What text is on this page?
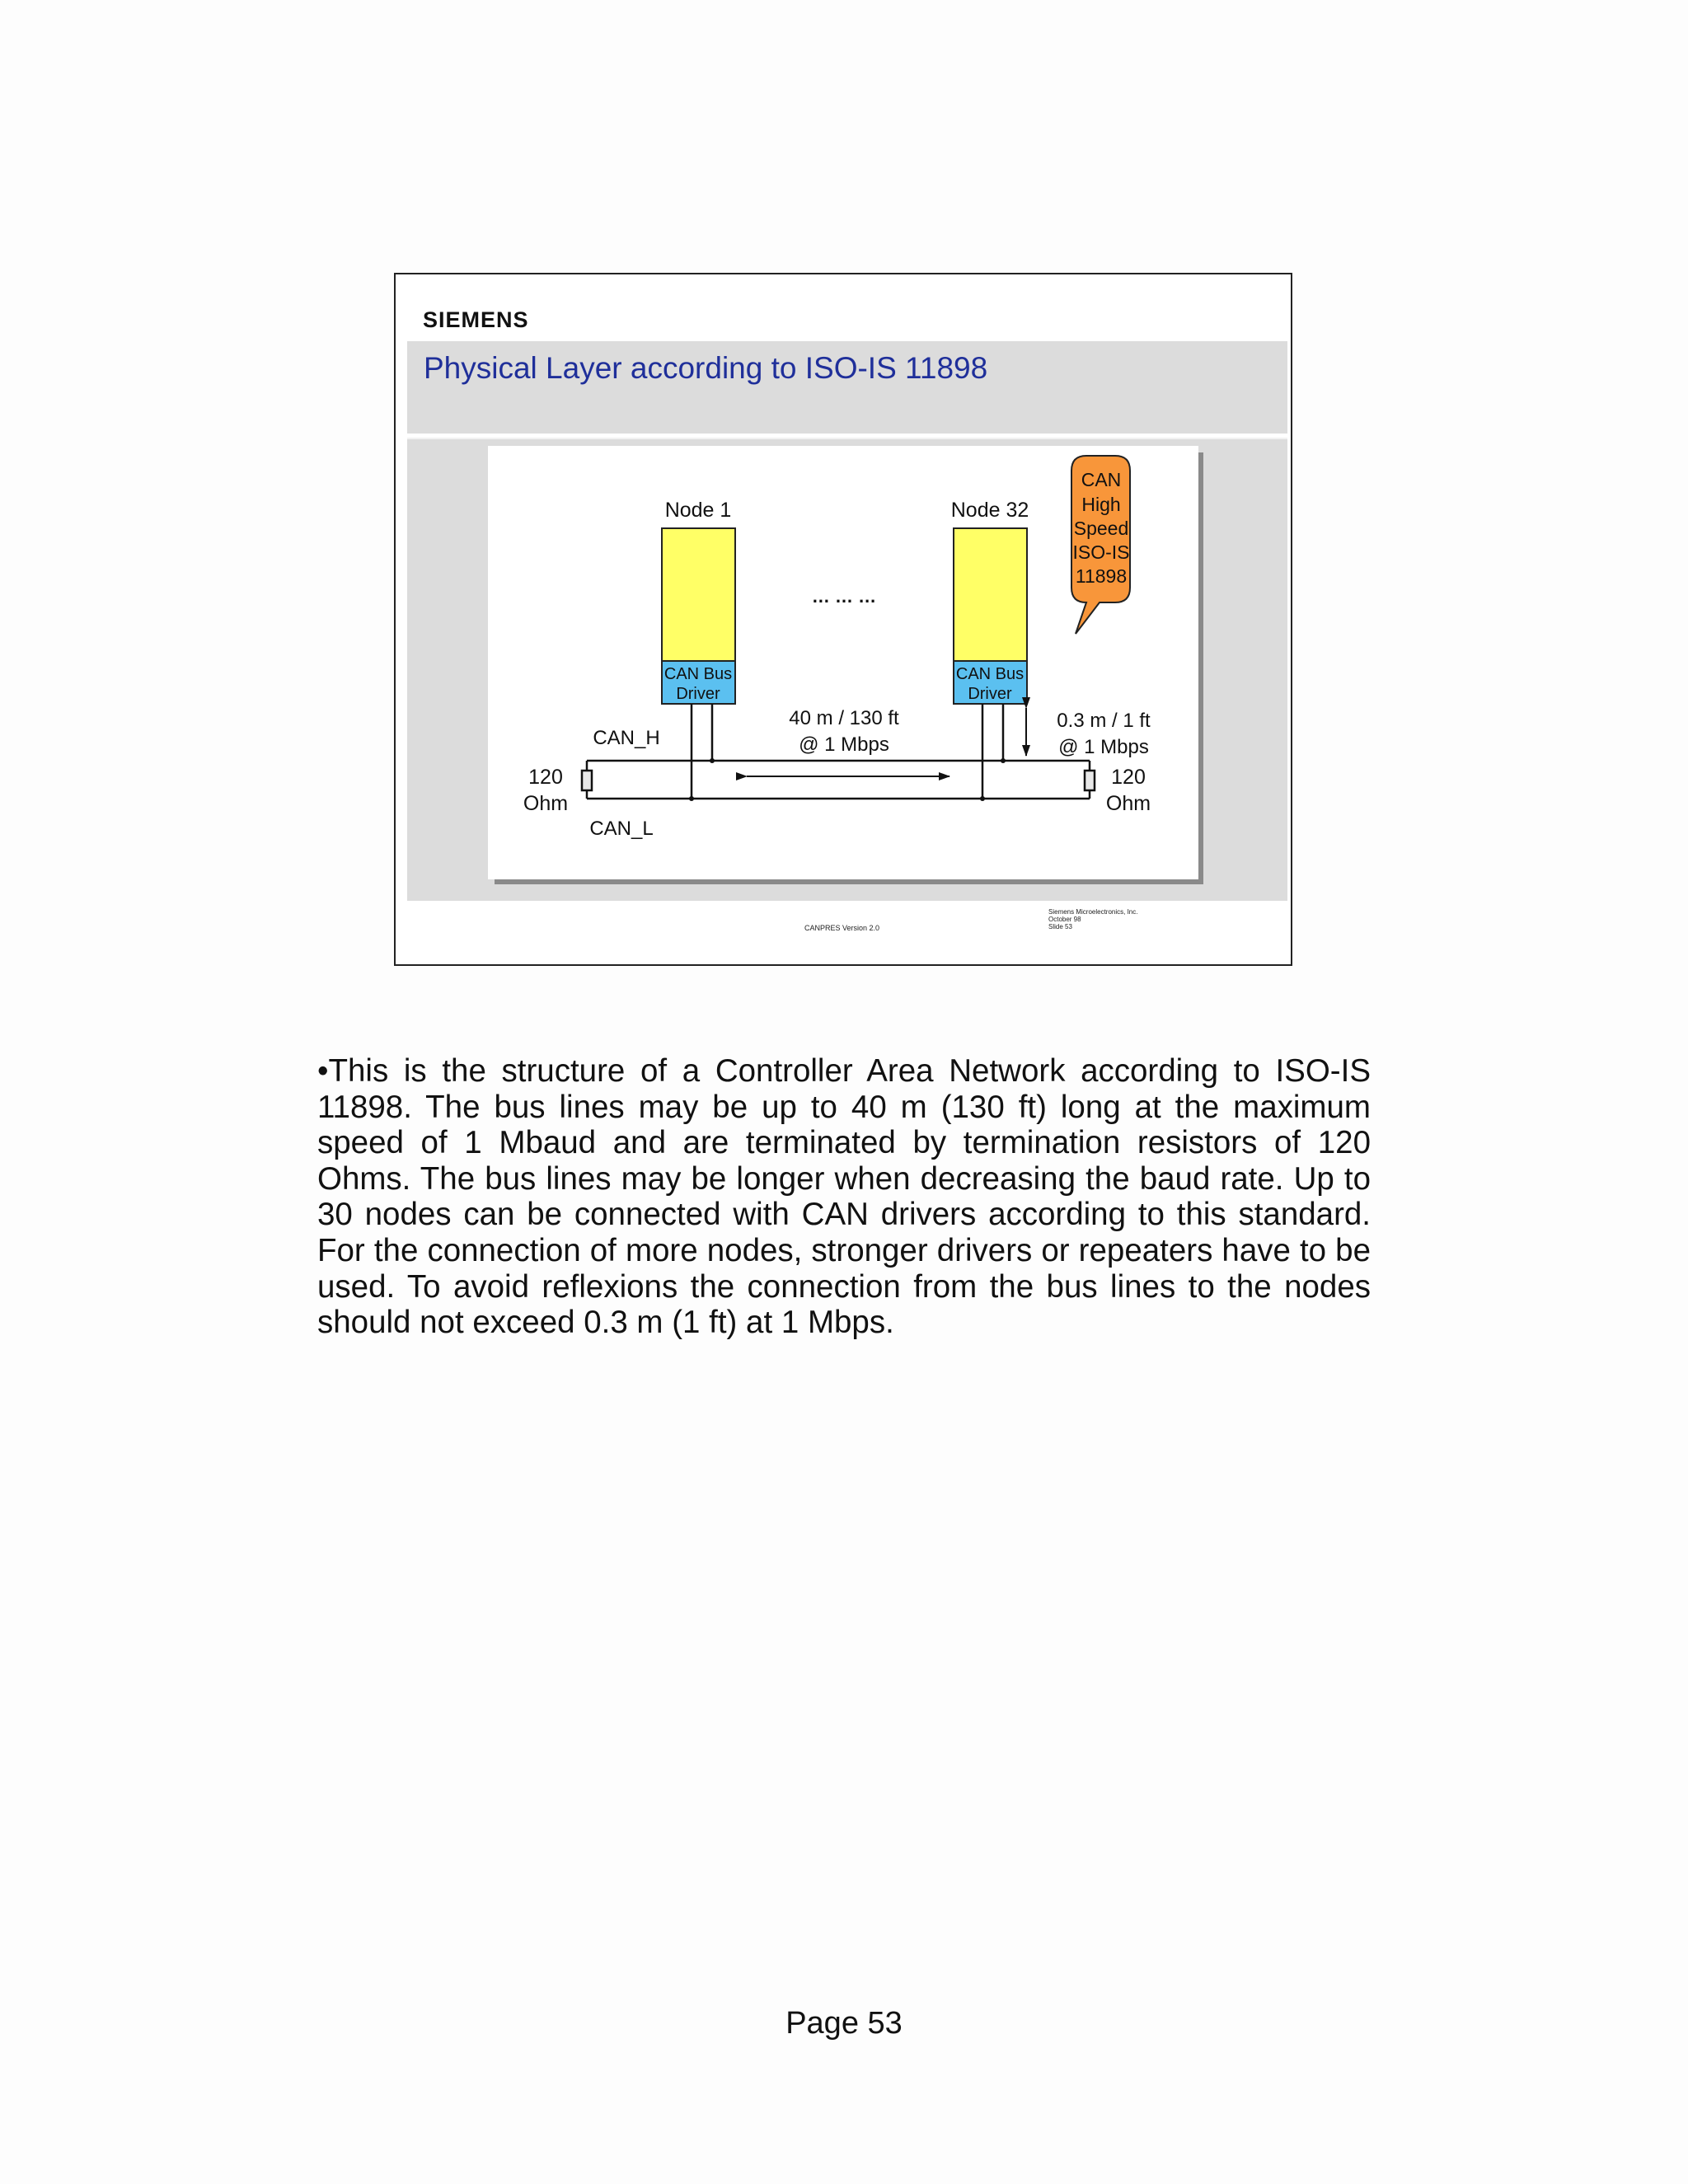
SIEMENS
Physical Layer according to ISO-IS 11898
Node 1
CAN Bus
Driver
Node 32
CAN Bus
Driver
… … …
CAN_H
CAN_L
40 m / 130 ft
@ 1 Mbps
0.3 m / 1 ft
@ 1 Mbps
120
Ohm
120
Ohm
CAN
High
Speed
ISO-IS
11898
CANPRES Version 2.0
Siemens Microelectronics, Inc.
October 98
Slide 53
•This is the structure of a Controller Area Network according to ISO-IS 11898. The bus lines may be up to 40 m (130 ft) long at the maximum speed of 1 Mbaud and are terminated by termination resistors of 120 Ohms. The bus lines may be longer when decreasing the baud rate. Up to 30 nodes can be connected with CAN drivers according to this standard. For the connection of more nodes, stronger drivers or repeaters have to be used. To avoid reflexions the connection from the bus lines to the nodes should not exceed 0.3 m (1 ft) at 1 Mbps.
Page 53
